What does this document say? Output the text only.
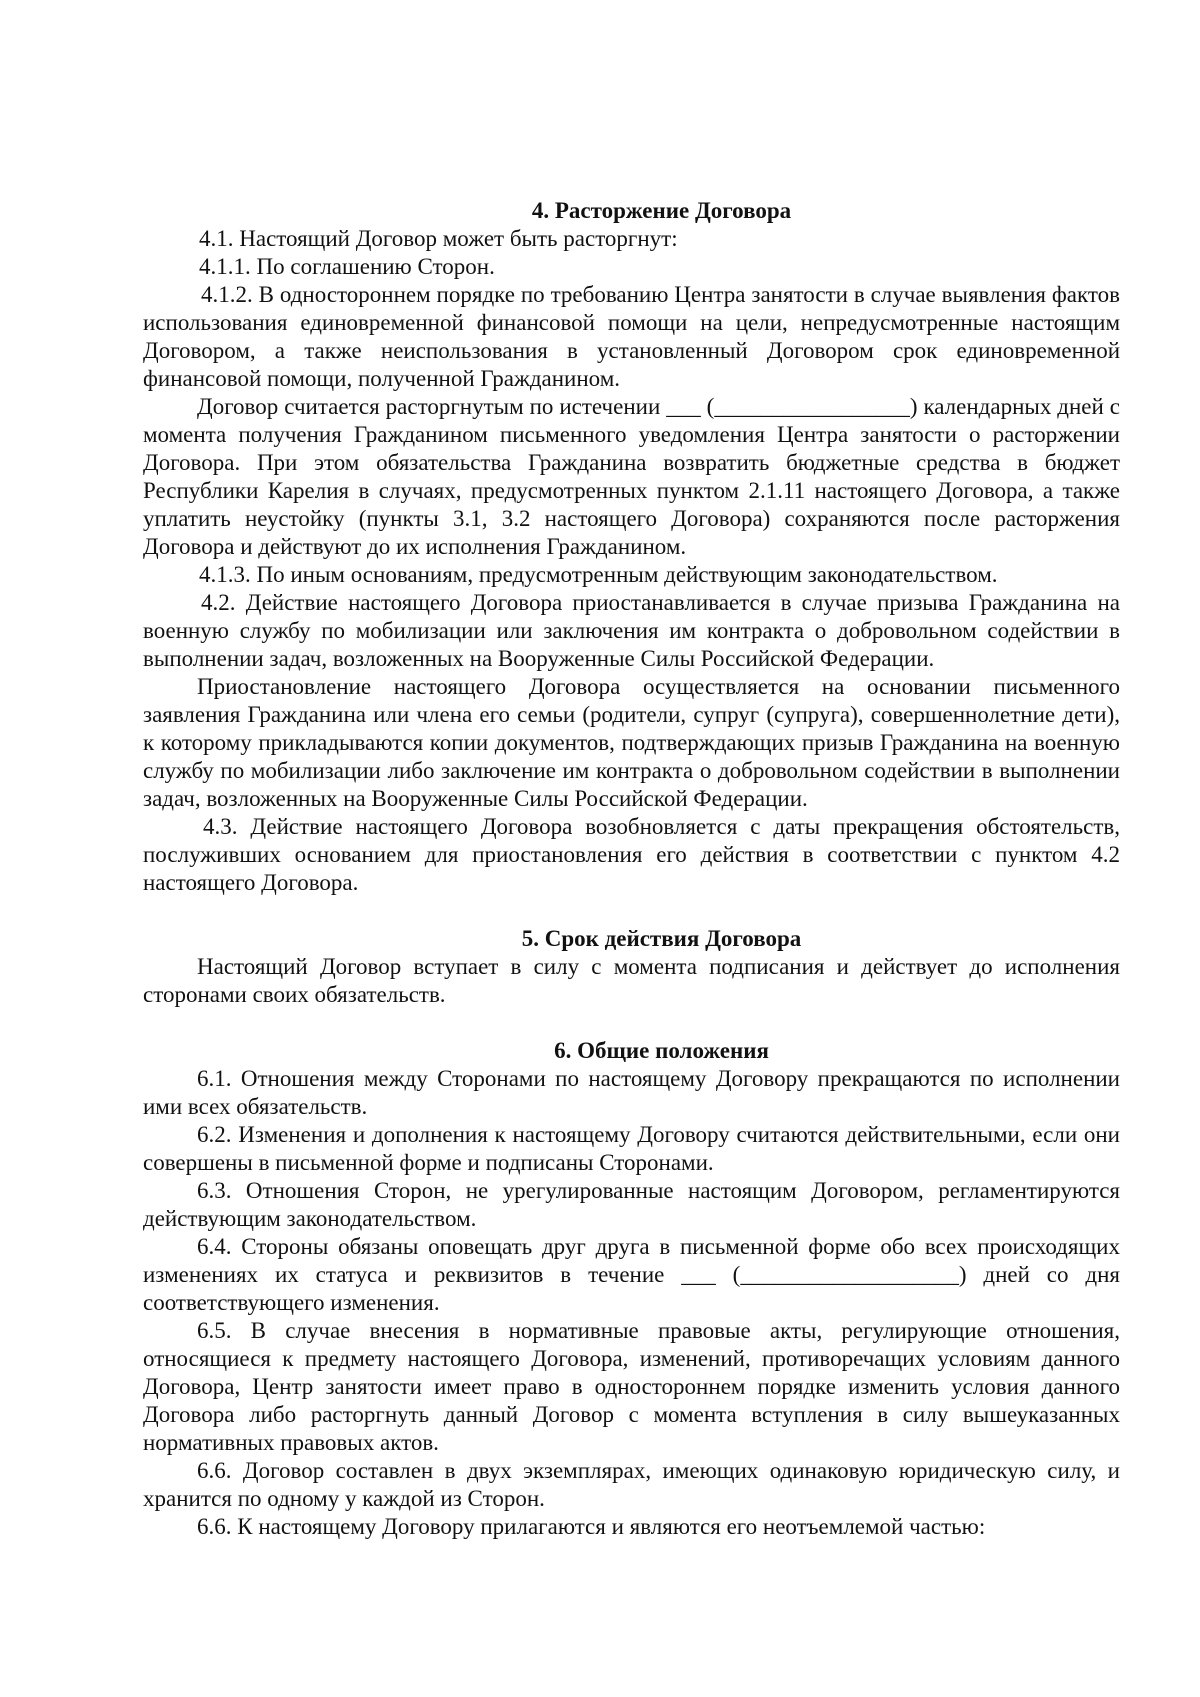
4. Расторжение Договора

4.1. Настоящий Договор может быть расторгнут:

4.1.1. По соглашению Сторон.

4.1.2. В одностороннем порядке по требованию Центра занятости в случае выявления фактов использования единовременной финансовой помощи на цели, непредусмотренные настоящим Договором, а также неиспользования в установленный Договором срок единовременной финансовой помощи, полученной Гражданином.

Договор считается расторгнутым по истечении ___ (_________________) календарных дней с момента получения Гражданином письменного уведомления Центра занятости о расторжении Договора. При этом обязательства Гражданина возвратить бюджетные средства в бюджет Республики Карелия в случаях, предусмотренных пунктом 2.1.11 настоящего Договора, а также уплатить неустойку (пункты 3.1, 3.2 настоящего Договора) сохраняются после расторжения Договора и действуют до их исполнения Гражданином.

4.1.3. По иным основаниям, предусмотренным действующим законодательством.

4.2. Действие настоящего Договора приостанавливается в случае призыва Гражданина на военную службу по мобилизации или заключения им контракта о добровольном содействии в выполнении задач, возложенных на Вооруженные Силы Российской Федерации.

Приостановление настоящего Договора осуществляется на основании письменного заявления Гражданина или члена его семьи (родители, супруг (супруга), совершеннолетние дети), к которому прикладываются копии документов, подтверждающих призыв Гражданина на военную службу по мобилизации либо заключение им контракта о добровольном содействии в выполнении задач, возложенных на Вооруженные Силы Российской Федерации.

4.3. Действие настоящего Договора возобновляется с даты прекращения обстоятельств, послуживших основанием для приостановления его действия в соответствии с пунктом 4.2 настоящего Договора.

5. Срок действия Договора

Настоящий Договор вступает в силу с момента подписания и действует до исполнения сторонами своих обязательств.

6. Общие положения

6.1. Отношения между Сторонами по настоящему Договору прекращаются по исполнении ими всех обязательств.

6.2. Изменения и дополнения к настоящему Договору считаются действительными, если они совершены в письменной форме и подписаны Сторонами.

6.3. Отношения Сторон, не урегулированные настоящим Договором, регламентируются действующим законодательством.

6.4. Стороны обязаны оповещать друг друга в письменной форме обо всех происходящих изменениях их статуса и реквизитов в течение ___ (___________________) дней со дня соответствующего изменения.

6.5. В случае внесения в нормативные правовые акты, регулирующие отношения, относящиеся к предмету настоящего Договора, изменений, противоречащих условиям данного Договора, Центр занятости имеет право в одностороннем порядке изменить условия данного Договора либо расторгнуть данный Договор с момента вступления в силу вышеуказанных нормативных правовых актов.

6.6. Договор составлен в двух экземплярах, имеющих одинаковую юридическую силу, и хранится по одному у каждой из Сторон.

6.6. К настоящему Договору прилагаются и являются его неотъемлемой частью:
